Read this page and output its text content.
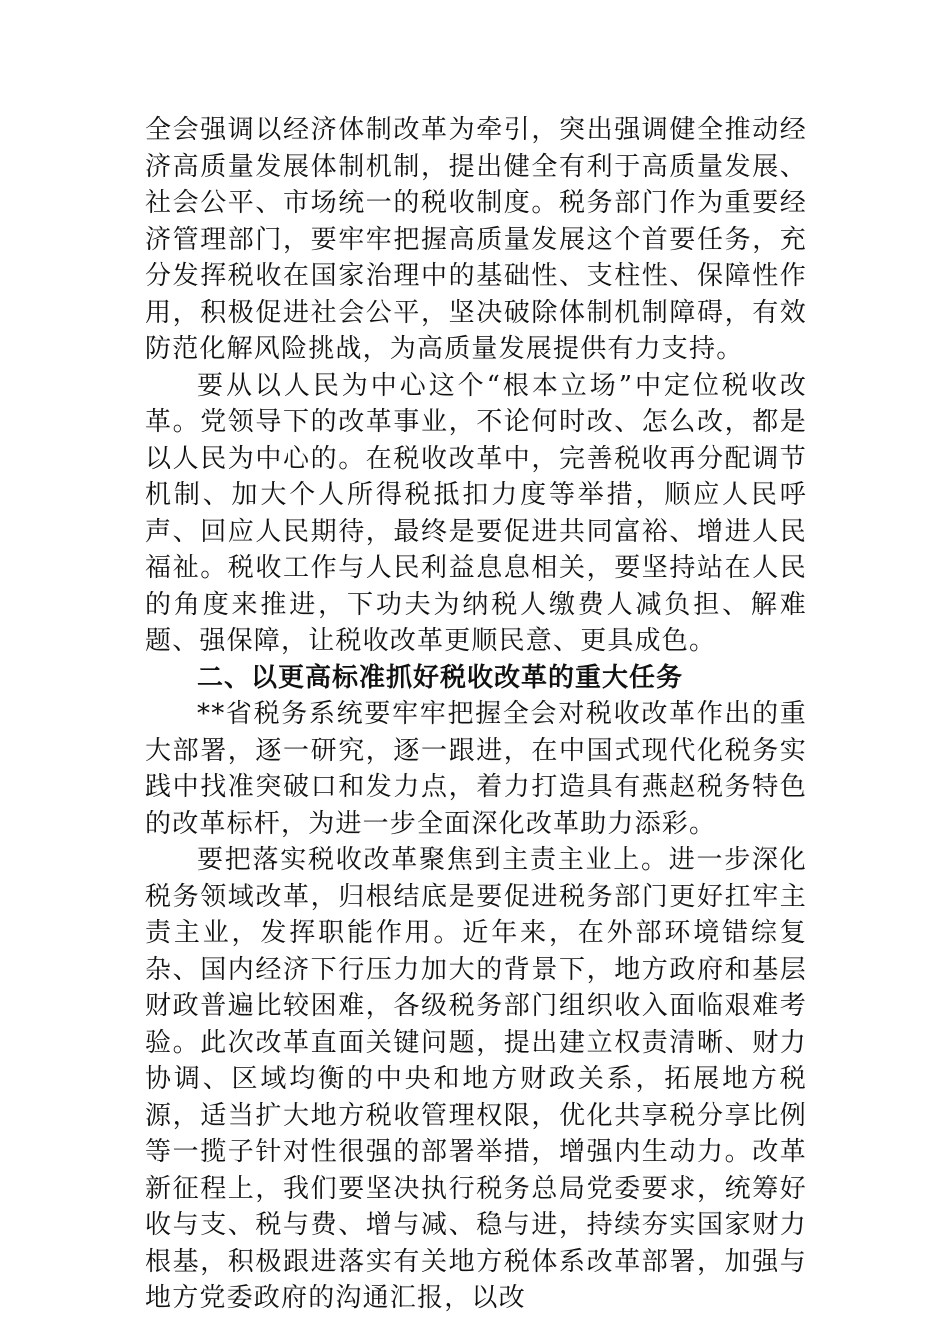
全会强调以经济体制改革为牵引，突出强调健全推动经济高质量发展体制机制，提出健全有利于高质量发展、社会公平、市场统一的税收制度。税务部门作为重要经济管理部门，要牢牢把握高质量发展这个首要任务，充分发挥税收在国家治理中的基础性、支柱性、保障性作用，积极促进社会公平，坚决破除体制机制障碍，有效防范化解风险挑战，为高质量发展提供有力支持。

要从以人民为中心这个“根本立场”中定位税收改革。党领导下的改革事业，不论何时改、怎么改，都是以人民为中心的。在税收改革中，完善税收再分配调节机制、加大个人所得税抵扣力度等举措，顺应人民呼声、回应人民期待，最终是要促进共同富裕、增进人民福祉。税收工作与人民利益息息相关，要坚持站在人民的角度来推进，下功夫为纳税人缴费人减负担、解难题、强保障，让税收改革更顺民意、更具成色。

二、以更高标准抓好税收改革的重大任务

**省税务系统要牢牢把握全会对税收改革作出的重大部署，逐一研究，逐一跟进，在中国式现代化税务实践中找准突破口和发力点，着力打造具有燕赵税务特色的改革标杆，为进一步全面深化改革助力添彩。

要把落实税收改革聚焦到主责主业上。进一步深化税务领域改革，归根结底是要促进税务部门更好扛牢主责主业，发挥职能作用。近年来，在外部环境错综复杂、国内经济下行压力加大的背景下，地方政府和基层财政普遍比较困难，各级税务部门组织收入面临艰难考验。此次改革直面关键问题，提出建立权责清晰、财力协调、区域均衡的中央和地方财政关系，拓展地方税源，适当扩大地方税收管理权限，优化共享税分享比例等一揽子针对性很强的部署举措，增强内生动力。改革新征程上，我们要坚决执行税务总局党委要求，统筹好收与支、税与费、增与减、稳与进，持续夯实国家财力根基，积极跟进落实有关地方税体系改革部署，加强与地方党委政府的沟通汇报，以改
